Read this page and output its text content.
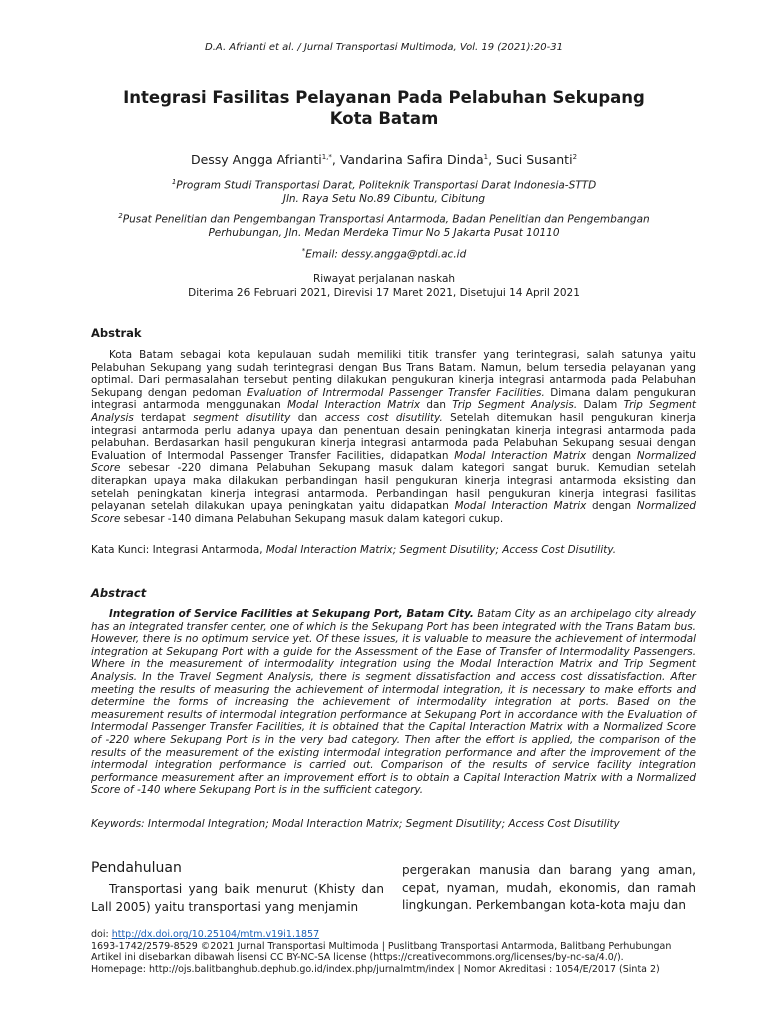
D.A. Afrianti et al. / Jurnal Transportasi Multimoda, Vol. 19 (2021):20-31
Integrasi Fasilitas Pelayanan Pada Pelabuhan Sekupang
Kota Batam
Dessy Angga Afrianti$^{1,*}$, Vandarina Safira Dinda$^1$, Suci Susanti$^2$
$^1$Program Studi Transportasi Darat, Politeknik Transportasi Darat Indonesia-STTD
Jln. Raya Setu No.89 Cibuntu, Cibitung
$^2$Pusat Penelitian dan Pengembangan Transportasi Antarmoda, Badan Penelitian dan Pengembangan
Perhubungan, Jln. Medan Merdeka Timur No 5 Jakarta Pusat 10110
*Email: dessy.angga@ptdi.ac.id
Riwayat perjalanan naskah
Diterima 26 Februari 2021, Direvisi 17 Maret 2021, Disetujui 14 April 2021
Abstrak
Kota Batam sebagai kota kepulauan sudah memiliki titik transfer yang terintegrasi, salah satunya yaitu Pelabuhan Sekupang yang sudah terintegrasi dengan Bus Trans Batam. Namun, belum tersedia pelayanan yang optimal. Dari permasalahan tersebut penting dilakukan pengukuran kinerja integrasi antarmoda pada Pelabuhan Sekupang dengan pedoman Evaluation of Intrermodal Passenger Transfer Facilities. Dimana dalam pengukuran integrasi antarmoda menggunakan Modal Interaction Matrix dan Trip Segment Analysis. Dalam Trip Segment Analysis terdapat segment disutility dan access cost disutility. Setelah ditemukan hasil pengukuran kinerja integrasi antarmoda perlu adanya upaya dan penentuan desain peningkatan kinerja integrasi antarmoda pada pelabuhan. Berdasarkan hasil pengukuran kinerja integrasi antarmoda pada Pelabuhan Sekupang sesuai dengan Evaluation of Intermodal Passenger Transfer Facilities, didapatkan Modal Interaction Matrix dengan Normalized Score sebesar -220 dimana Pelabuhan Sekupang masuk dalam kategori sangat buruk. Kemudian setelah diterapkan upaya maka dilakukan perbandingan hasil pengukuran kinerja integrasi antarmoda eksisting dan setelah peningkatan kinerja integrasi antarmoda. Perbandingan hasil pengukuran kinerja integrasi fasilitas pelayanan setelah dilakukan upaya peningkatan yaitu didapatkan Modal Interaction Matrix dengan Normalized Score sebesar -140 dimana Pelabuhan Sekupang masuk dalam kategori cukup.
Kata Kunci: Integrasi Antarmoda, Modal Interaction Matrix; Segment Disutility; Access Cost Disutility.
Abstract
Integration of Service Facilities at Sekupang Port, Batam City. Batam City as an archipelago city already has an integrated transfer center, one of which is the Sekupang Port has been integrated with the Trans Batam bus. However, there is no optimum service yet. Of these issues, it is valuable to measure the achievement of intermodal integration at Sekupang Port with a guide for the Assessment of the Ease of Transfer of Intermodality Passengers. Where in the measurement of intermodality integration using the Modal Interaction Matrix and Trip Segment Analysis. In the Travel Segment Analysis, there is segment dissatisfaction and access cost dissatisfaction. After meeting the results of measuring the achievement of intermodal integration, it is necessary to make efforts and determine the forms of increasing the achievement of intermodality integration at ports. Based on the measurement results of intermodal integration performance at Sekupang Port in accordance with the Evaluation of Intermodal Passenger Transfer Facilities, it is obtained that the Capital Interaction Matrix with a Normalized Score of -220 where Sekupang Port is in the very bad category. Then after the effort is applied, the comparison of the results of the measurement of the existing intermodal integration performance and after the improvement of the intermodal integration performance is carried out. Comparison of the results of service facility integration performance measurement after an improvement effort is to obtain a Capital Interaction Matrix with a Normalized Score of -140 where Sekupang Port is in the sufficient category.
Keywords: Intermodal Integration; Modal Interaction Matrix; Segment Disutility; Access Cost Disutility

Pendahuluan

Transportasi yang baik menurut (Khisty dan Lall 2005) yaitu transportasi yang menjamin
pergerakan manusia dan barang yang aman, cepat, nyaman, mudah, ekonomis, dan ramah lingkungan. Perkembangan kota-kota maju dan
doi: http://dx.doi.org/10.25104/mtm.v19i1.1857
1693-1742/2579-8529 ©2021 Jurnal Transportasi Multimoda | Puslitbang Transportasi Antarmoda, Balitbang Perhubungan
Artikel ini disebarkan dibawah lisensi CC BY-NC-SA license (https://creativecommons.org/licenses/by-nc-sa/4.0/).
Homepage: http://ojs.balitbanghub.dephub.go.id/index.php/jurnalmtm/index | Nomor Akreditasi : 1054/E/2017 (Sinta 2)
